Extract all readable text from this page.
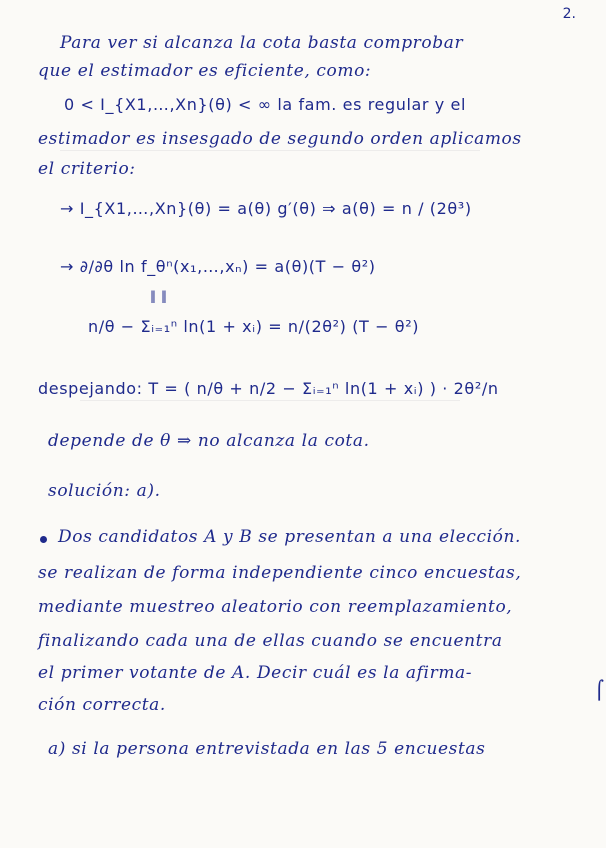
2.
⌠
Para ver si alcanza la cota basta comprobar
que el estimador es eficiente, como:
0 < I_{X1,…,Xn}(θ) < ∞ la fam. es regular y el
estimador es insesgado de segundo orden aplicamos
el criterio:
→ I_{X1,…,Xn}(θ) = a(θ) g′(θ) ⇒ a(θ) = n / (2θ³)
→ ∂/∂θ ln f_θⁿ(x₁,…,xₙ) = a(θ)(T − θ²)
‖ ‖
n/θ − Σᵢ₌₁ⁿ ln(1 + xᵢ) = n/(2θ²) (T − θ²)
despejando: T = ( n/θ + n/2 − Σᵢ₌₁ⁿ ln(1 + xᵢ) ) · 2θ²/n
depende de θ ⇒ no alcanza la cota.
solución: a).
Dos candidatos A y B se presentan a una elección.
se realizan de forma independiente cinco encuestas,
mediante muestreo aleatorio con reemplazamiento,
finalizando cada una de ellas cuando se encuentra
el primer votante de A. Decir cuál es la afirma-
ción correcta.
a) si la persona entrevistada en las 5 encuestas
